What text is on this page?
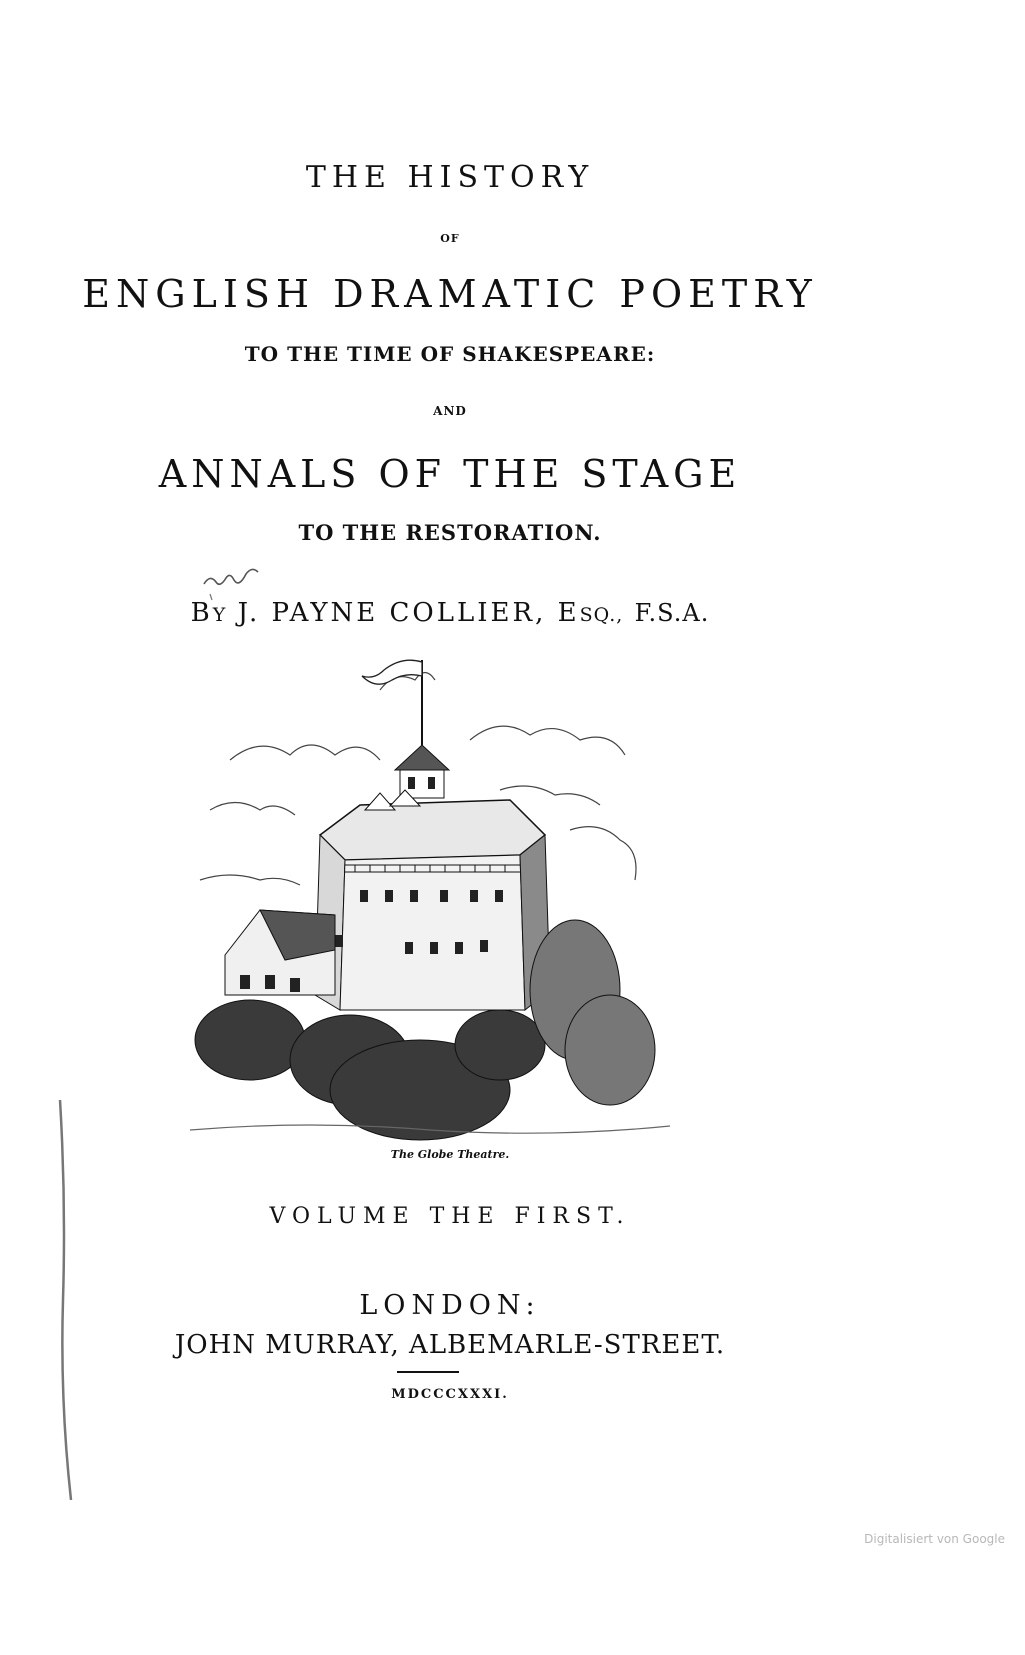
THE HISTORY
OF
ENGLISH DRAMATIC POETRY
TO THE TIME OF SHAKESPEARE:
AND
ANNALS OF THE STAGE
TO THE RESTORATION.
BY J. PAYNE COLLIER, ESQ., F.S.A.
The Globe Theatre.
VOLUME THE FIRST.
LONDON:
JOHN MURRAY, ALBEMARLE-STREET.
MDCCCXXXI.
Digitalisiert von Google
